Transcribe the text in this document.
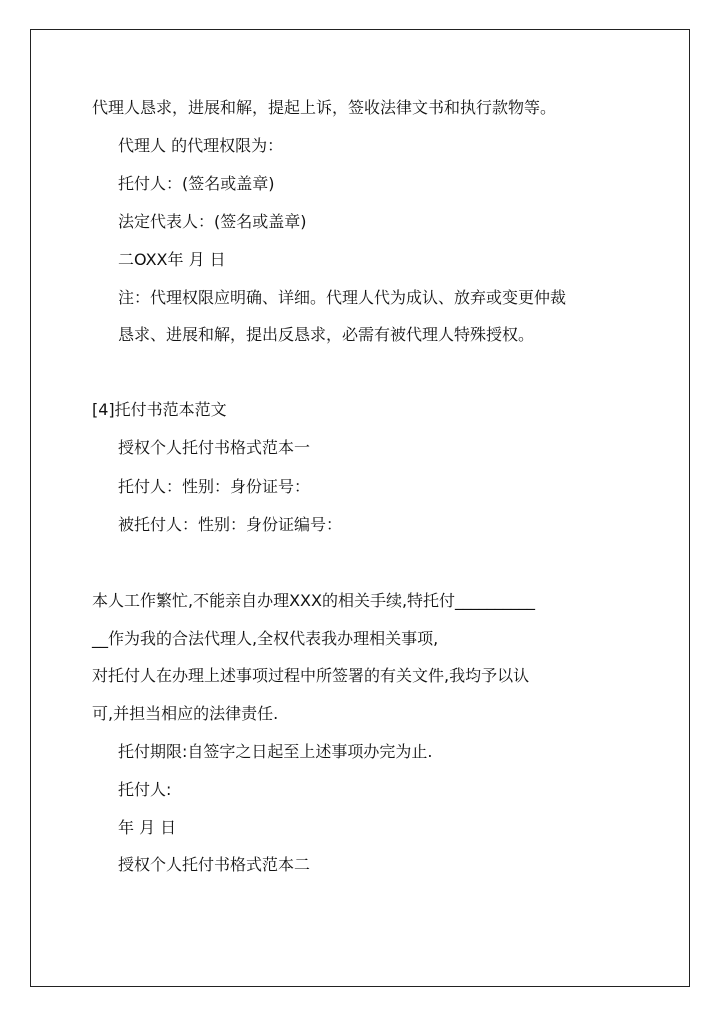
代理人恳求，进展和解，提起上诉，签收法律文书和执行款物等。
代理人 的代理权限为：
托付人：(签名或盖章)
法定代表人：(签名或盖章)
二OXX年 月 日
注：代理权限应明确、详细。代理人代为成认、放弃或变更仲裁
恳求、进展和解，提出反恳求，必需有被代理人特殊授权。
[4]托付书范本范文
授权个人托付书格式范本一
托付人：性别：身份证号：
被托付人：性别：身份证编号：
本人工作繁忙,不能亲自办理XXX的相关手续,特托付__________
__作为我的合法代理人,全权代表我办理相关事项,
对托付人在办理上述事项过程中所签署的有关文件,我均予以认
可,并担当相应的法律责任.
托付期限:自签字之日起至上述事项办完为止.
托付人:
年 月 日
授权个人托付书格式范本二
